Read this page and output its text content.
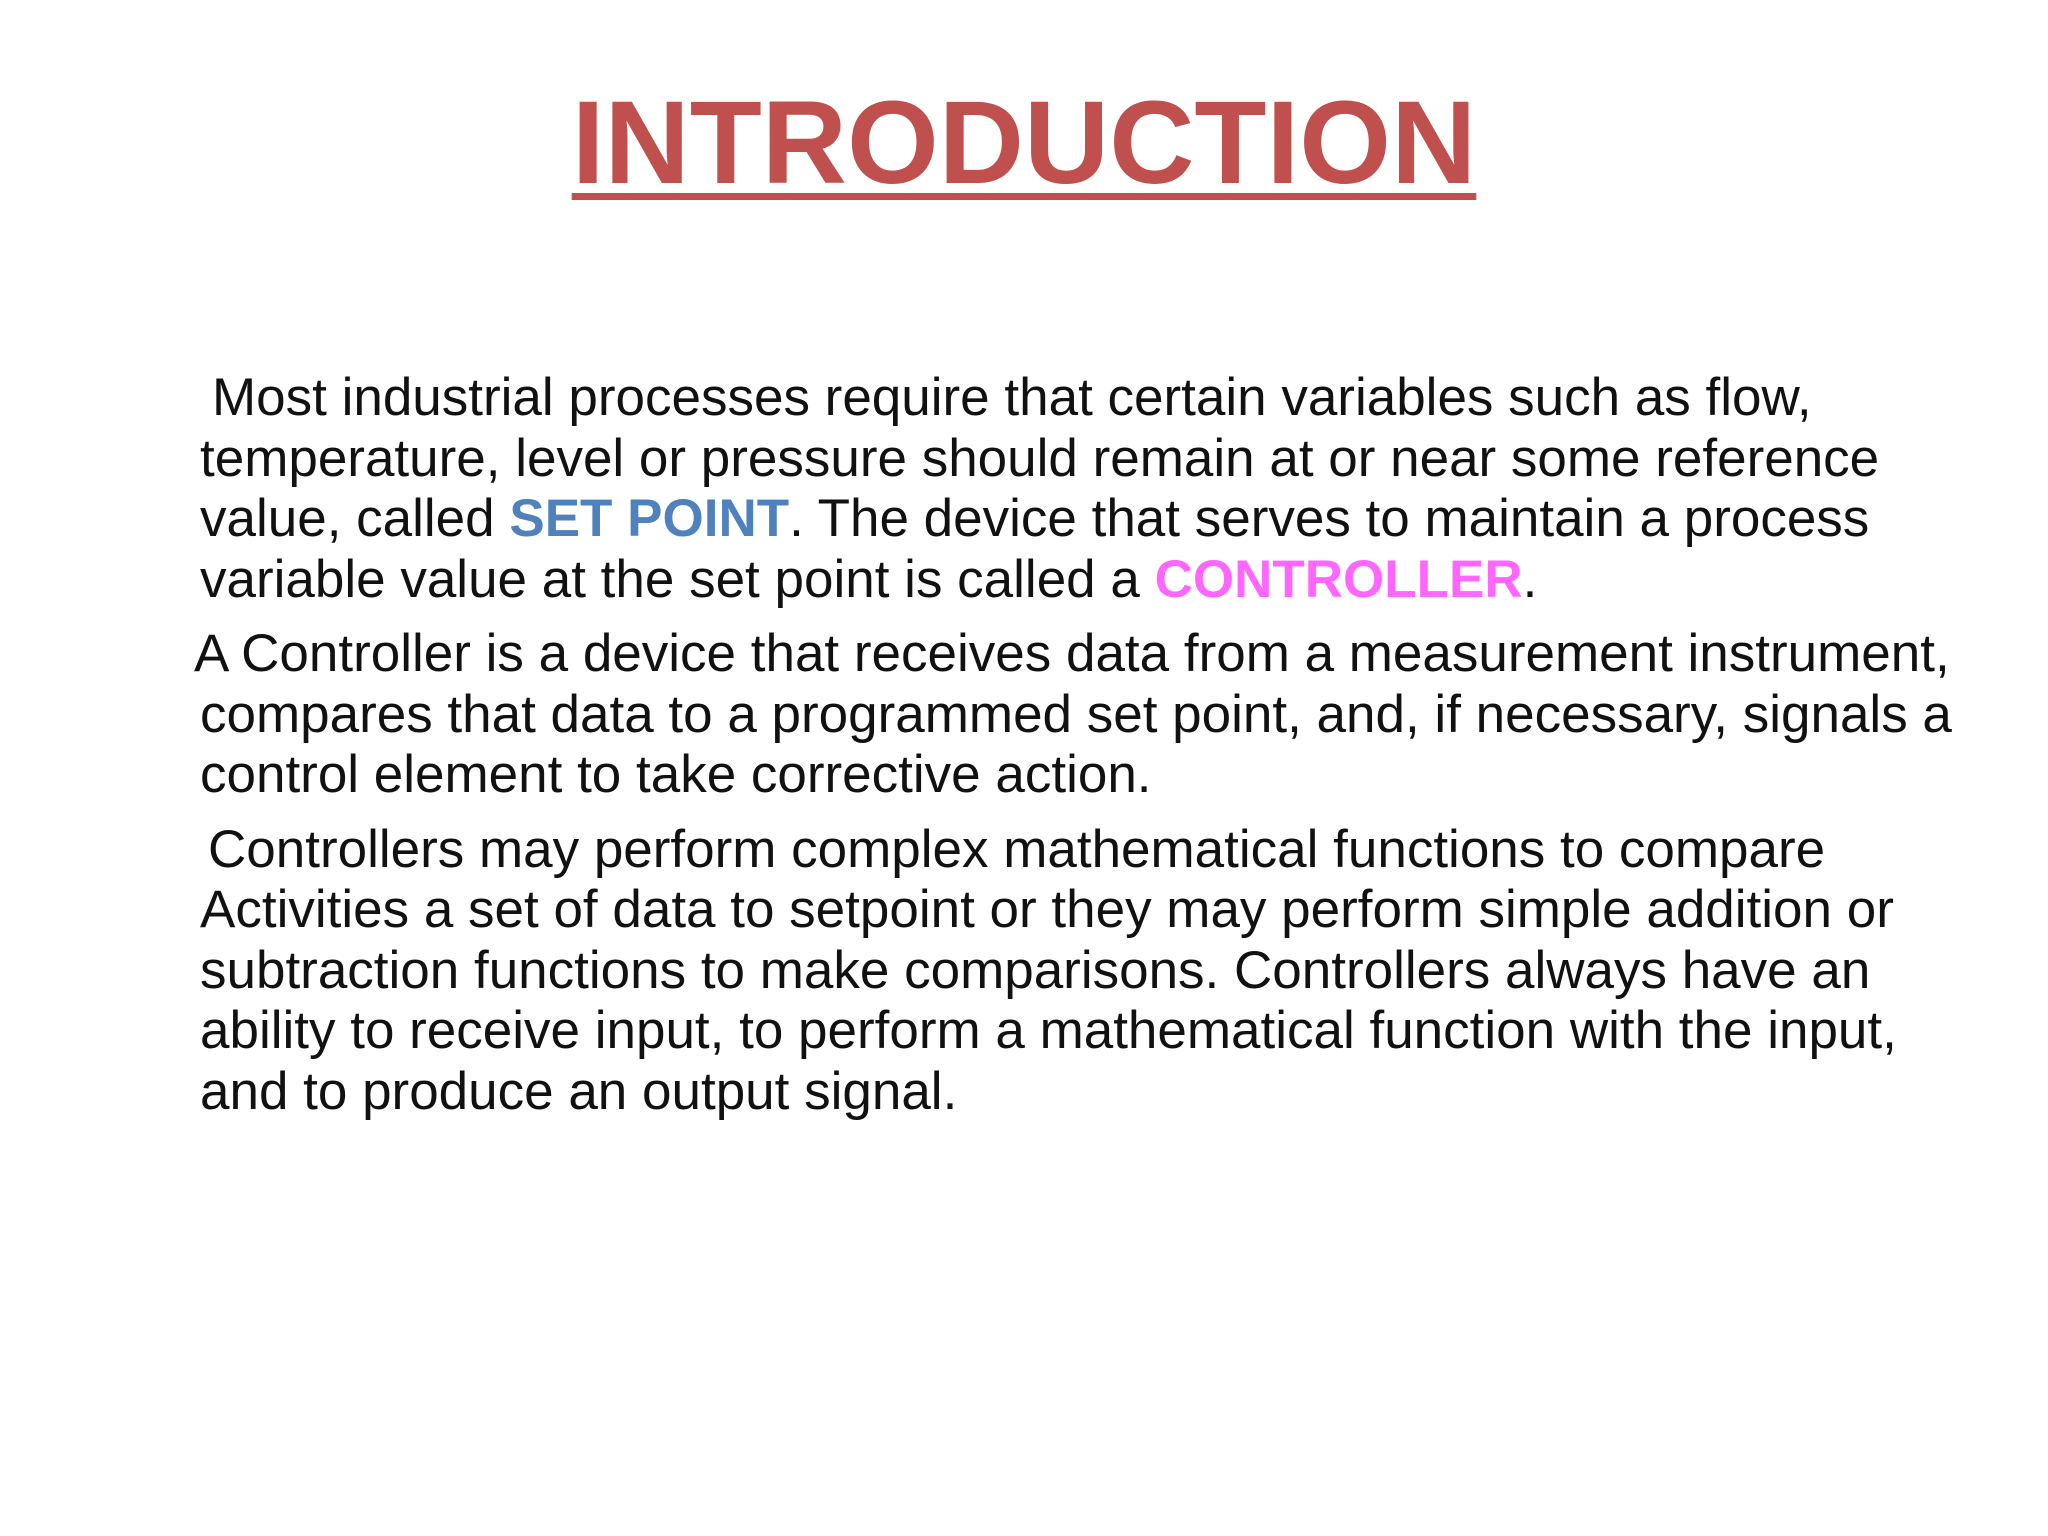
INTRODUCTION

Most industrial processes require that certain variables such as flow, temperature, level or pressure should remain at or near some reference value, called SET POINT. The device that serves to maintain a process variable value at the set point is called a CONTROLLER.

A Controller is a device that receives data from a measurement instrument, compares that data to a programmed set point, and, if necessary, signals a control element to take corrective action.

Controllers may perform complex mathematical functions to compare Activities a set of data to setpoint or they may perform simple addition or subtraction functions to make comparisons. Controllers always have an ability to receive input, to perform a mathematical function with the input, and to produce an output signal.
